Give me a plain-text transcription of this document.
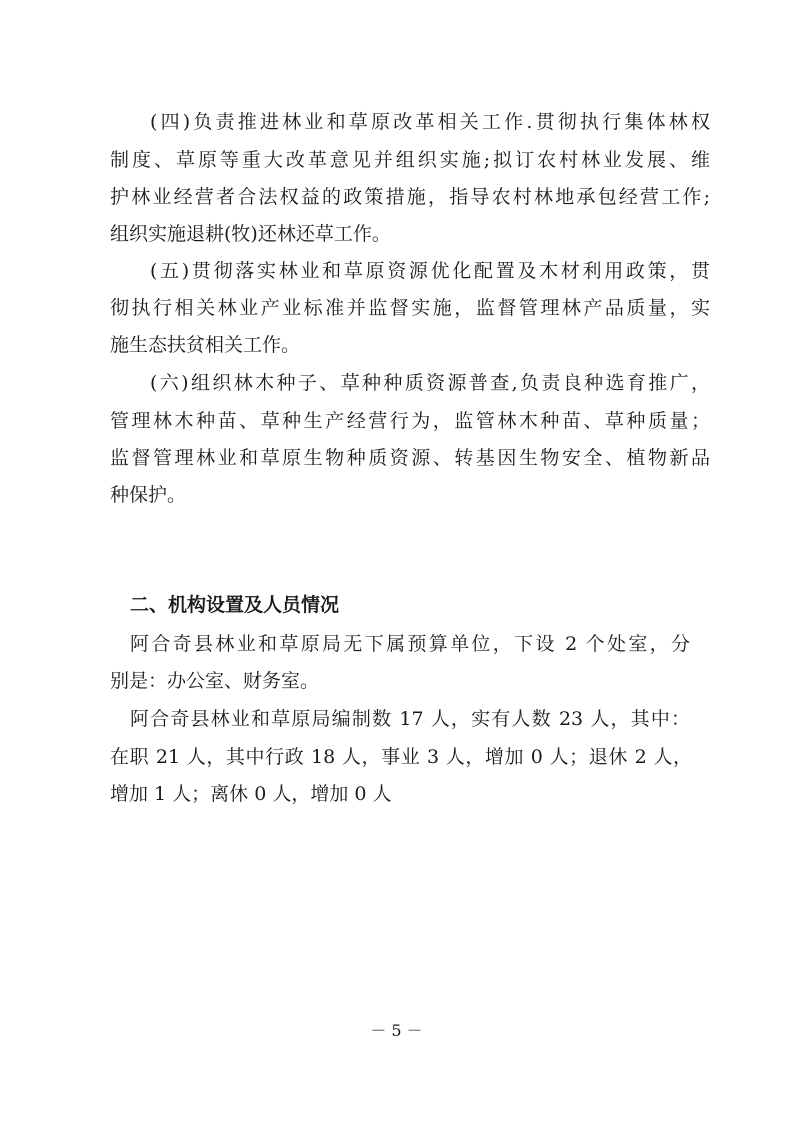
(四)负责推进林业和草原改革相关工作.贯彻执行集体林权
制度、草原等重大改革意见并组织实施;拟订农村林业发展、维
护林业经营者合法权益的政策措施，指导农村林地承包经营工作;
组织实施退耕(牧)还林还草工作。
(五)贯彻落实林业和草原资源优化配置及木材利用政策，贯
彻执行相关林业产业标准并监督实施，监督管理林产品质量，实
施生态扶贫相关工作。
(六)组织林木种子、草种种质资源普查,负责良种选育推广，
管理林木种苗、草种生产经营行为，监管林木种苗、草种质量；
监督管理林业和草原生物种质资源、转基因生物安全、植物新品
种保护。
二、机构设置及人员情况
阿合奇县林业和草原局无下属预算单位，下设 2 个处室，分
别是：办公室、财务室。
阿合奇县林业和草原局编制数 17 人，实有人数 23 人，其中：
在职 21 人，其中行政 18 人，事业 3 人，增加 0 人；退休 2 人，
增加 1 人；离休 0 人，增加 0 人
－ 5 －
